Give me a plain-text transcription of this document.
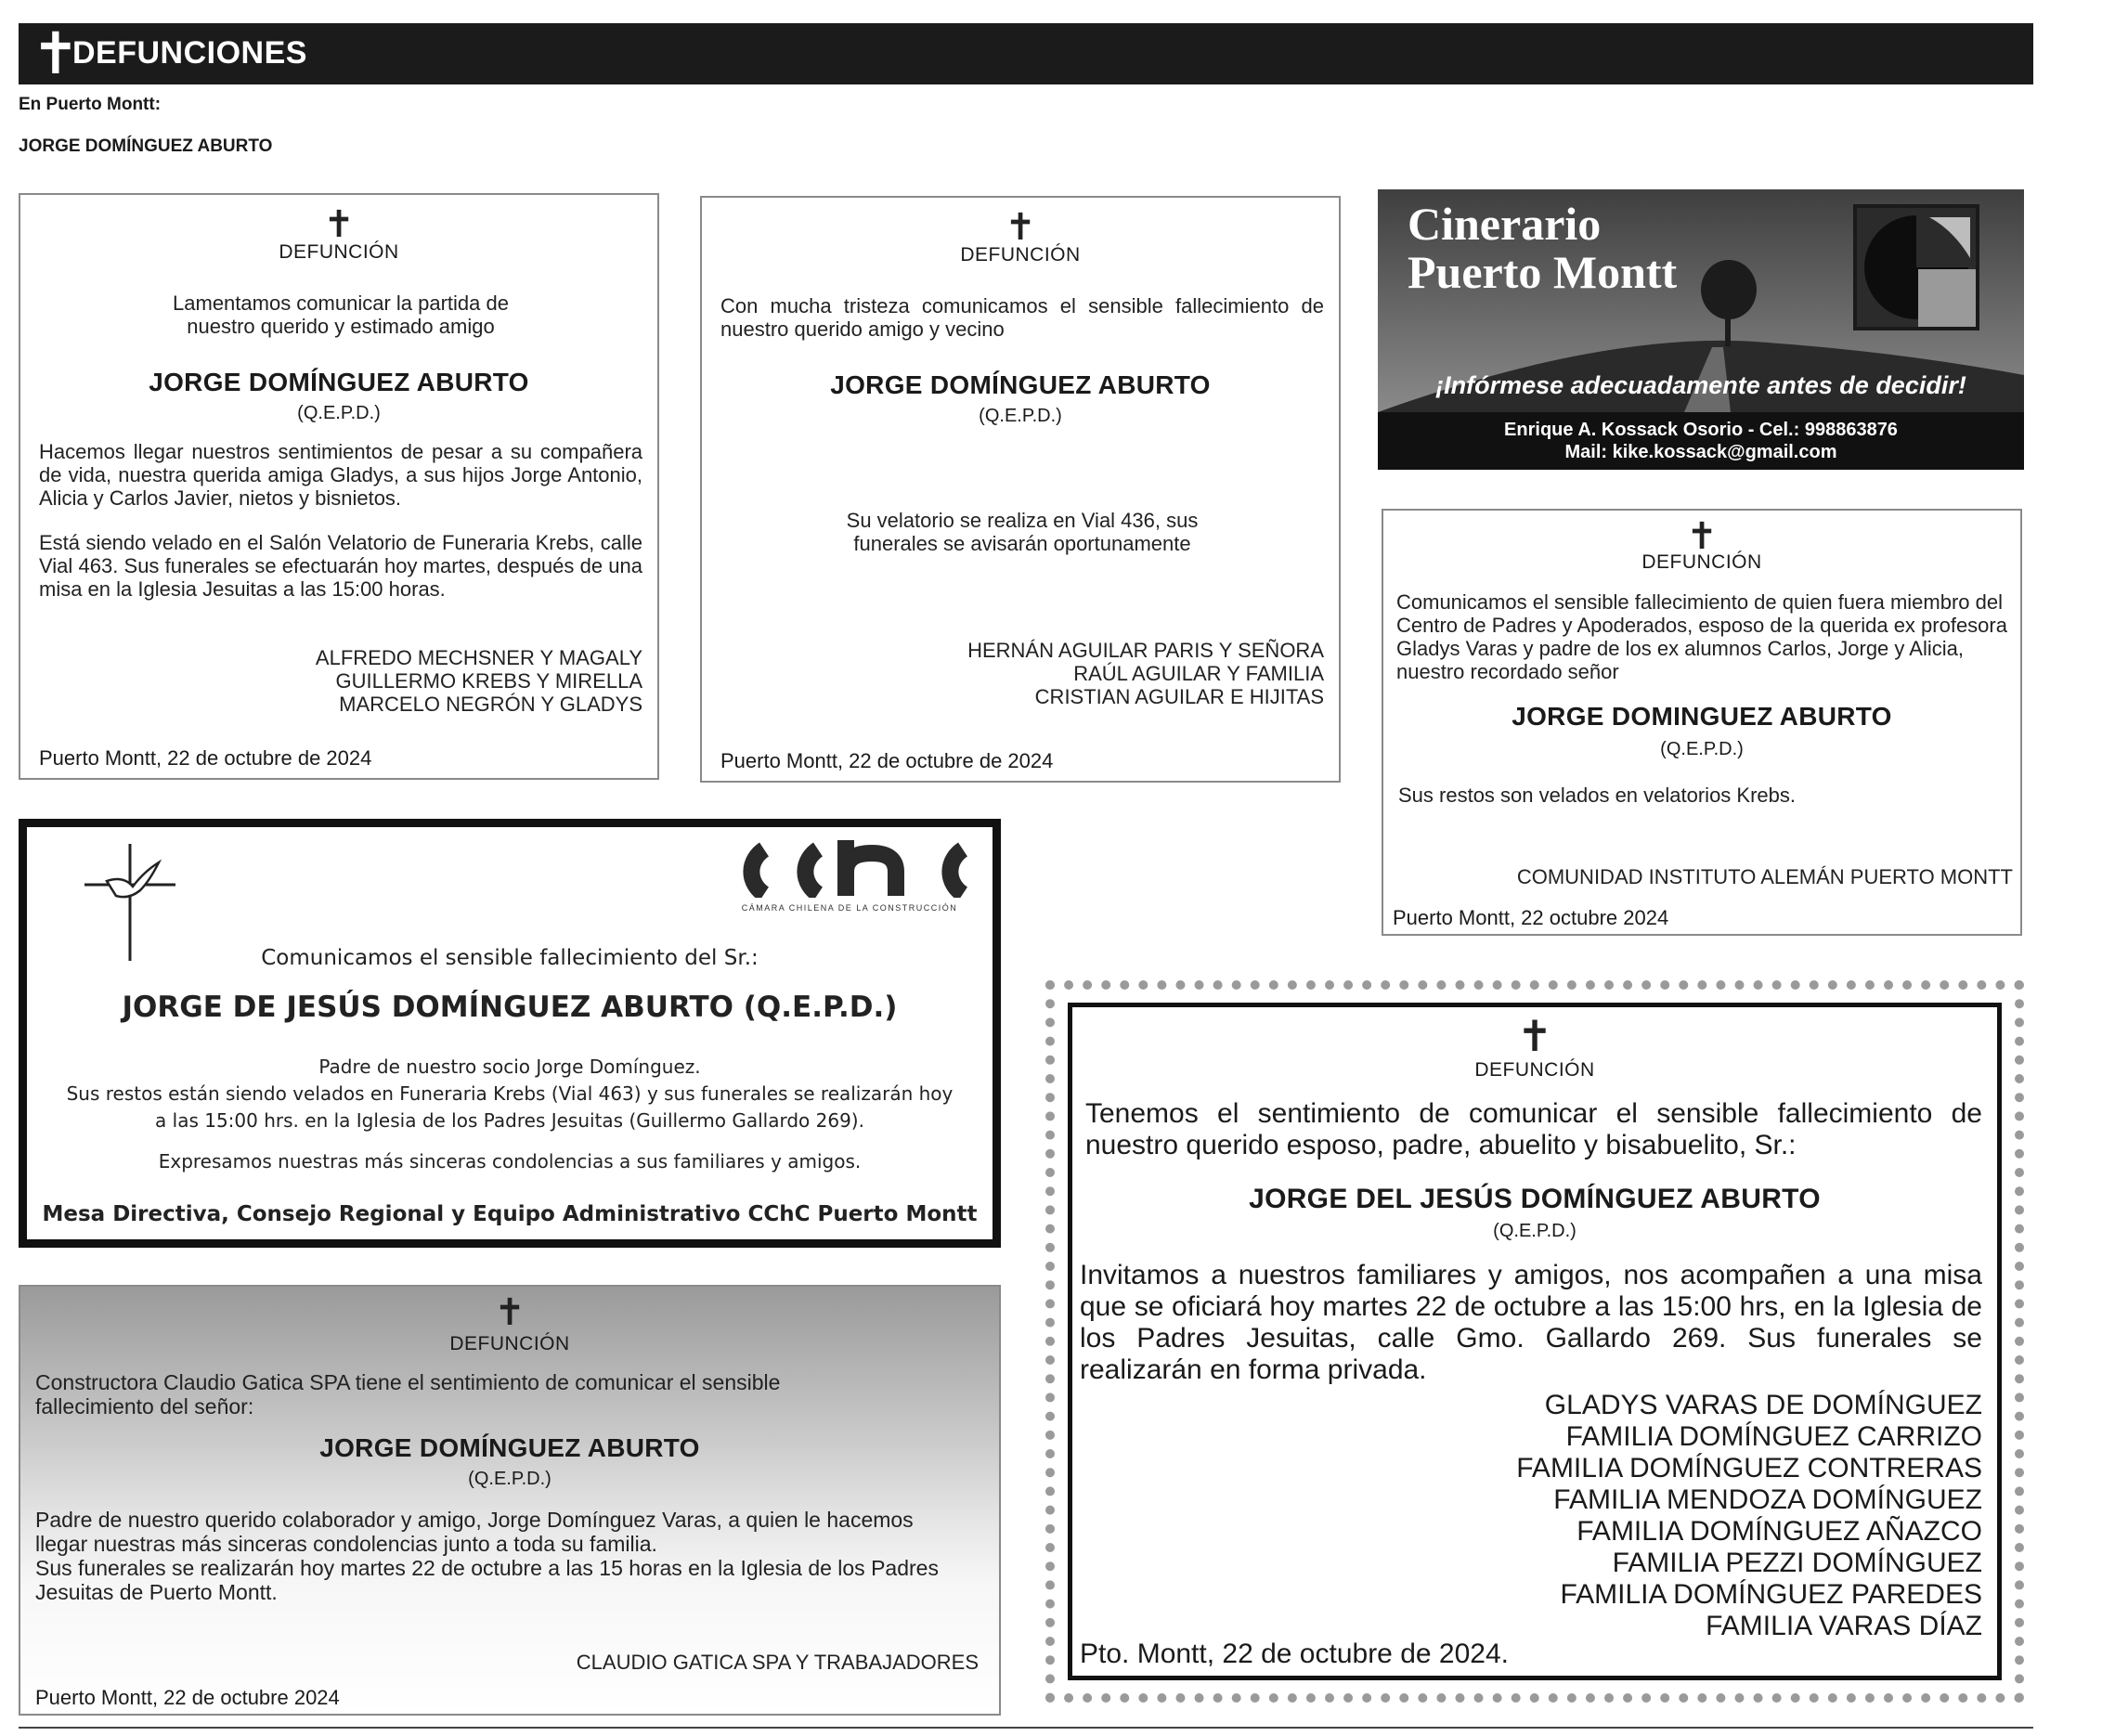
✝
DEFUNCIONES
En Puerto Montt:
JORGE DOMÍNGUEZ ABURTO
✝
DEFUNCIÓN
Lamentamos comunicar la partida de nuestro querido y estimado amigo
JORGE DOMÍNGUEZ ABURTO
(Q.E.P.D.)
Hacemos llegar nuestros sentimientos de pesar a su compañera de vida, nuestra querida amiga Gladys, a sus hijos Jorge Antonio, Alicia y Carlos Javier, nietos y bisnietos.
Está siendo velado en el Salón Velatorio de Funeraria Krebs, calle Vial 463. Sus funerales se efectuarán hoy martes, después de una misa en la Iglesia Jesuitas a las 15:00 horas.
ALFREDO MECHSNER Y MAGALY
GUILLERMO KREBS Y MIRELLA
MARCELO NEGRÓN Y GLADYS
Puerto Montt, 22 de octubre de 2024
✝
DEFUNCIÓN
Con mucha tristeza comunicamos el sensible fallecimiento de nuestro querido amigo y vecino
JORGE DOMÍNGUEZ ABURTO
(Q.E.P.D.)
Su velatorio se realiza en Vial 436, sus funerales se avisarán oportunamente
HERNÁN AGUILAR PARIS Y SEÑORA
RAÚL AGUILAR Y FAMILIA
CRISTIAN AGUILAR E HIJITAS
Puerto Montt, 22 de octubre de 2024
Cinerario
Puerto Montt
¡Infórmese adecuadamente antes de decidir!
Enrique A. Kossack Osorio - Cel.: 998863876
Mail: kike.kossack@gmail.com
✝
DEFUNCIÓN
Comunicamos el sensible fallecimiento de quien fuera miembro del Centro de Padres y Apoderados, esposo de la querida ex profesora Gladys Varas y padre de los ex alumnos Carlos, Jorge y Alicia, nuestro recordado señor
JORGE DOMINGUEZ ABURTO
(Q.E.P.D.)
Sus restos son velados en velatorios Krebs.
COMUNIDAD INSTITUTO ALEMÁN PUERTO MONTT
Puerto Montt, 22 octubre 2024
CÁMARA CHILENA DE LA CONSTRUCCIÓN
Comunicamos el sensible fallecimiento del Sr.:
JORGE DE JESÚS DOMÍNGUEZ ABURTO (Q.E.P.D.)
Padre de nuestro socio Jorge Domínguez.
Sus restos están siendo velados en Funeraria Krebs (Vial 463) y sus funerales se realizarán hoy
a las 15:00 hrs. en la Iglesia de los Padres Jesuitas (Guillermo Gallardo 269).
Expresamos nuestras más sinceras condolencias a sus familiares y amigos.
Mesa Directiva, Consejo Regional y Equipo Administrativo CChC Puerto Montt
✝
DEFUNCIÓN
Constructora Claudio Gatica SPA tiene el sentimiento de comunicar el sensible fallecimiento del señor:
JORGE DOMÍNGUEZ ABURTO
(Q.E.P.D.)
Padre de nuestro querido colaborador y amigo, Jorge Domínguez Varas, a quien le hacemos llegar nuestras más sinceras condolencias junto a toda su familia.
Sus funerales se realizarán hoy martes 22 de octubre a las 15 horas en la Iglesia de los Padres Jesuitas de Puerto Montt.
CLAUDIO GATICA SPA Y TRABAJADORES
Puerto Montt, 22 de octubre 2024
✝
DEFUNCIÓN
Tenemos el sentimiento de comunicar el sensible fallecimiento de nuestro querido esposo, padre, abuelito y bisabuelito, Sr.:
JORGE DEL JESÚS DOMÍNGUEZ ABURTO
(Q.E.P.D.)
Invitamos a nuestros familiares y amigos, nos acompañen a una misa que se oficiará hoy martes 22 de octubre a las 15:00 hrs, en la Iglesia de los Padres Jesuitas, calle Gmo. Gallardo 269. Sus funerales se realizarán en forma privada.
GLADYS VARAS DE DOMÍNGUEZ
FAMILIA DOMÍNGUEZ CARRIZO
FAMILIA DOMÍNGUEZ CONTRERAS
FAMILIA MENDOZA DOMÍNGUEZ
FAMILIA DOMÍNGUEZ AÑAZCO
FAMILIA PEZZI DOMÍNGUEZ
FAMILIA DOMÍNGUEZ PAREDES
FAMILIA VARAS DÍAZ
Pto. Montt, 22 de octubre de 2024.
